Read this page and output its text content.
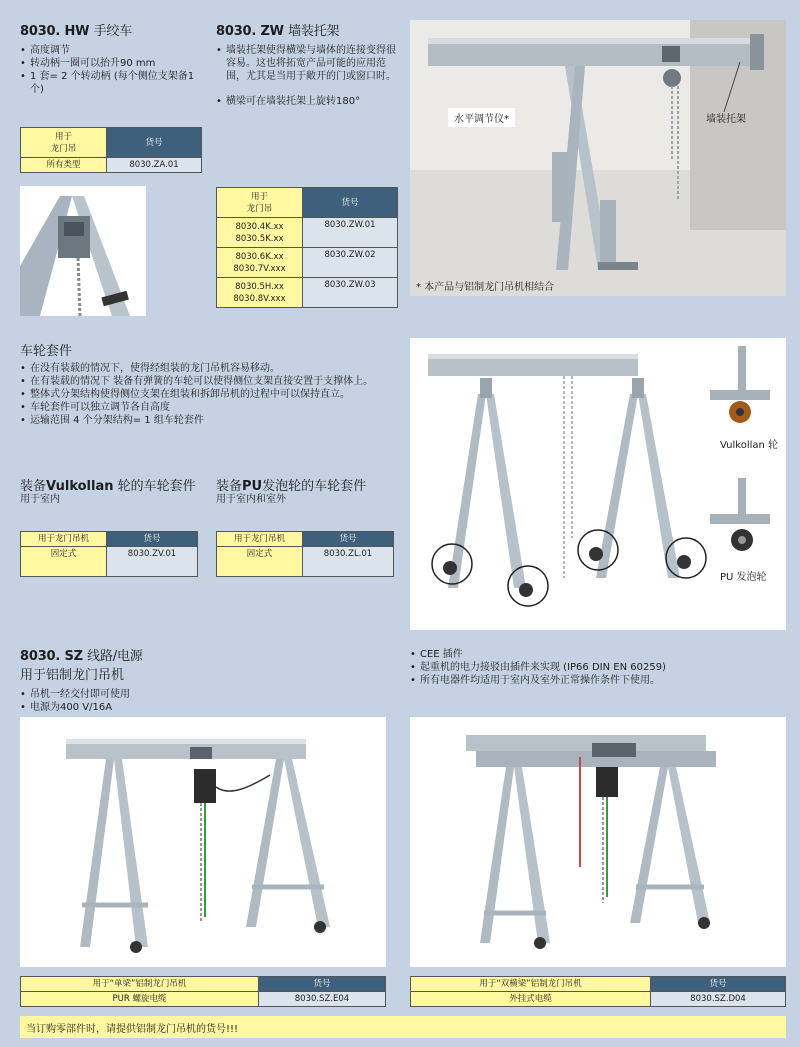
8030. HW 手绞车
• 高度调节
• 转动柄一圈可以抬升90 mm
• 1 套= 2 个转动柄 (每个侧位支架备1个)
用于
龙门吊	货号
所有类型	8030.ZA.01
8030. ZW 墙装托架
• 墙装托架使得横梁与墙体的连接变得很容易。这也将拓宽产品可能的应用范围，尤其是当用于敞开的门或窗口时。
• 横梁可在墙装托架上旋转180°
用于
龙门吊	货号
8030.4K.xx
8030.5K.xx	8030.ZW.01
8030.6K.xx
8030.7V.xxx	8030.ZW.02
8030.5H.xx
8030.8V.xxx	8030.ZW.03
水平调节仪*	墙装托架
* 本产品与铝制龙门吊机相结合
车轮套件
• 在没有装载的情况下，使得经组装的龙门吊机容易移动。
• 在有装载的情况下 装备有弹簧的车轮可以使得侧位支架直接安置于支撑体上。
• 整体式分架结构使得侧位支架在组装和拆卸吊机的过程中可以保持直立。
• 车轮套件可以独立调节各自高度
• 运输范围 4 个分架结构= 1 组车轮套件
装备Vulkollan 轮的车轮套件
用于室内
用于龙门吊机	货号
固定式	8030.ZV.01
装备PU发泡轮的车轮套件
用于室内和室外
用于龙门吊机	货号
固定式	8030.ZL.01
Vulkollan 轮
PU 发泡轮
8030. SZ 线路/电源
用于铝制龙门吊机
• 吊机一经交付即可使用
• 电源为400 V/16A
• CEE 插件
• 起重机的电力接驳由插件来实现 (IP66 DIN EN 60259)
• 所有电器件均适用于室内及室外正常操作条件下使用。
用于“单梁”铝制龙门吊机	货号
PUR 螺旋电缆	8030.SZ.E04
用于“双横梁”铝制龙门吊机	货号
外挂式电缆	8030.SZ.D04
当订购零部件时，请提供铝制龙门吊机的货号!!!
